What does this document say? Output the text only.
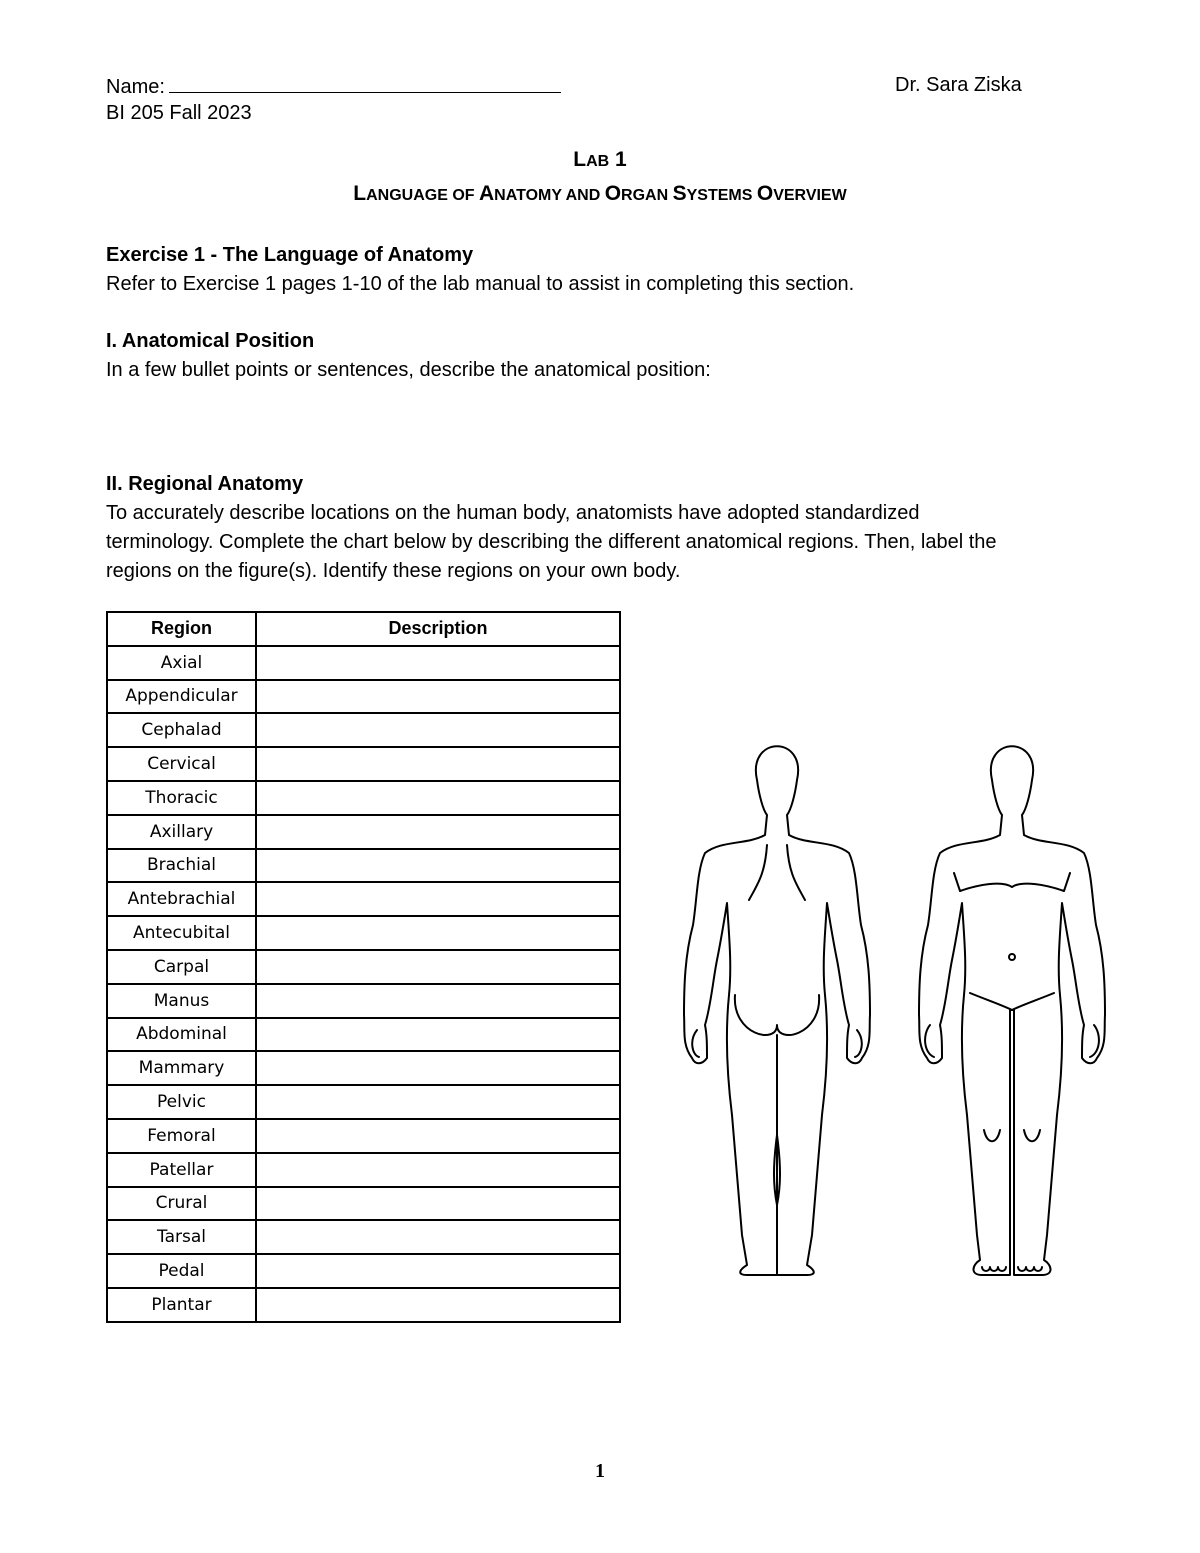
Name:	Dr. Sara Ziska
BI 205 Fall 2023
LAB 1
LANGUAGE OF ANATOMY AND ORGAN SYSTEMS OVERVIEW
Exercise 1 - The Language of Anatomy
Refer to Exercise 1 pages 1-10 of the lab manual to assist in completing this section.
I. Anatomical Position
In a few bullet points or sentences, describe the anatomical position:
II. Regional Anatomy
To accurately describe locations on the human body, anatomists have adopted standardized
terminology. Complete the chart below by describing the different anatomical regions. Then, label the
regions on the figure(s). Identify these regions on your own body.
Region	Description
Axial	
Appendicular	
Cephalad	
Cervical	
Thoracic	
Axillary	
Brachial	
Antebrachial	
Antecubital	
Carpal	
Manus	
Abdominal	
Mammary	
Pelvic	
Femoral	
Patellar	
Crural	
Tarsal	
Pedal	
Plantar	
1
